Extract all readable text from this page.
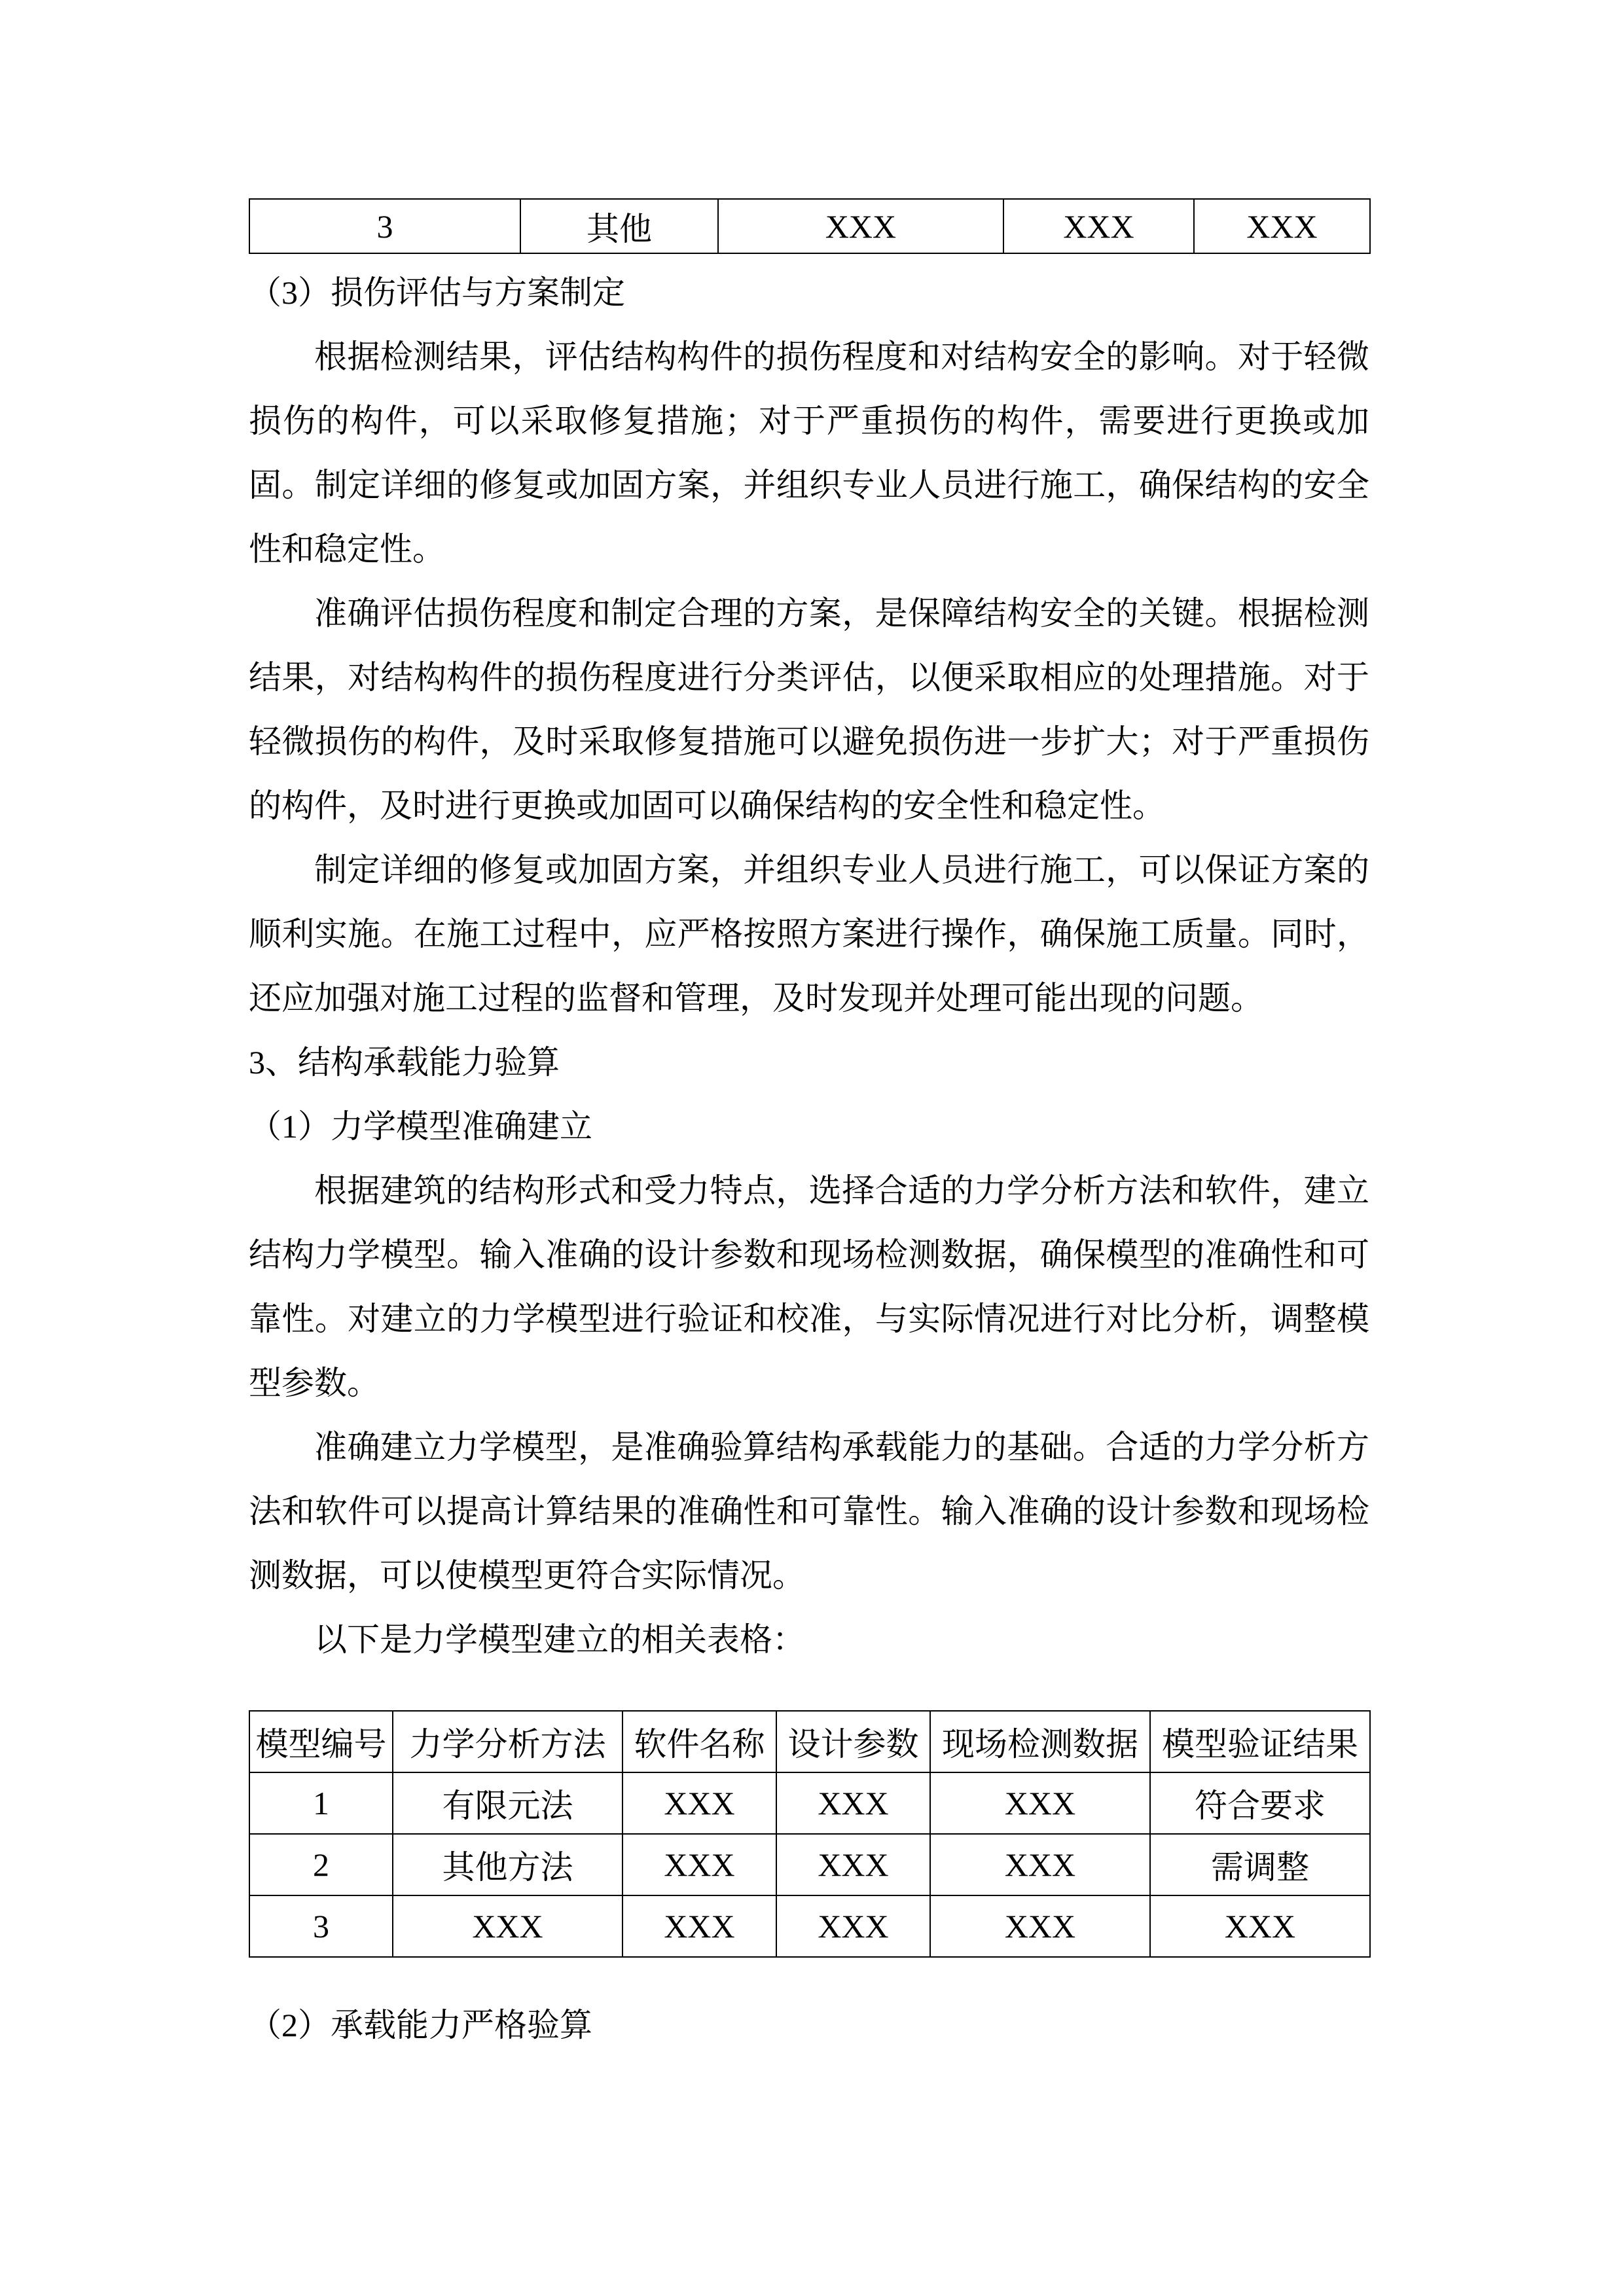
3	其他	XXX	XXX	XXX

（3）损伤评估与方案制定

根据检测结果，评估结构构件的损伤程度和对结构安全的影响。对于轻微损伤的构件，可以采取修复措施；对于严重损伤的构件，需要进行更换或加固。制定详细的修复或加固方案，并组织专业人员进行施工，确保结构的安全性和稳定性。

准确评估损伤程度和制定合理的方案，是保障结构安全的关键。根据检测结果，对结构构件的损伤程度进行分类评估，以便采取相应的处理措施。对于轻微损伤的构件，及时采取修复措施可以避免损伤进一步扩大；对于严重损伤的构件，及时进行更换或加固可以确保结构的安全性和稳定性。

制定详细的修复或加固方案，并组织专业人员进行施工，可以保证方案的顺利实施。在施工过程中，应严格按照方案进行操作，确保施工质量。同时，还应加强对施工过程的监督和管理，及时发现并处理可能出现的问题。

3、结构承载能力验算

（1）力学模型准确建立

根据建筑的结构形式和受力特点，选择合适的力学分析方法和软件，建立结构力学模型。输入准确的设计参数和现场检测数据，确保模型的准确性和可靠性。对建立的力学模型进行验证和校准，与实际情况进行对比分析，调整模型参数。

准确建立力学模型，是准确验算结构承载能力的基础。合适的力学分析方法和软件可以提高计算结果的准确性和可靠性。输入准确的设计参数和现场检测数据，可以使模型更符合实际情况。

以下是力学模型建立的相关表格：

模型编号	力学分析方法	软件名称	设计参数	现场检测数据	模型验证结果
1	有限元法	XXX	XXX	XXX	符合要求
2	其他方法	XXX	XXX	XXX	需调整
3	XXX	XXX	XXX	XXX	XXX

（2）承载能力严格验算
